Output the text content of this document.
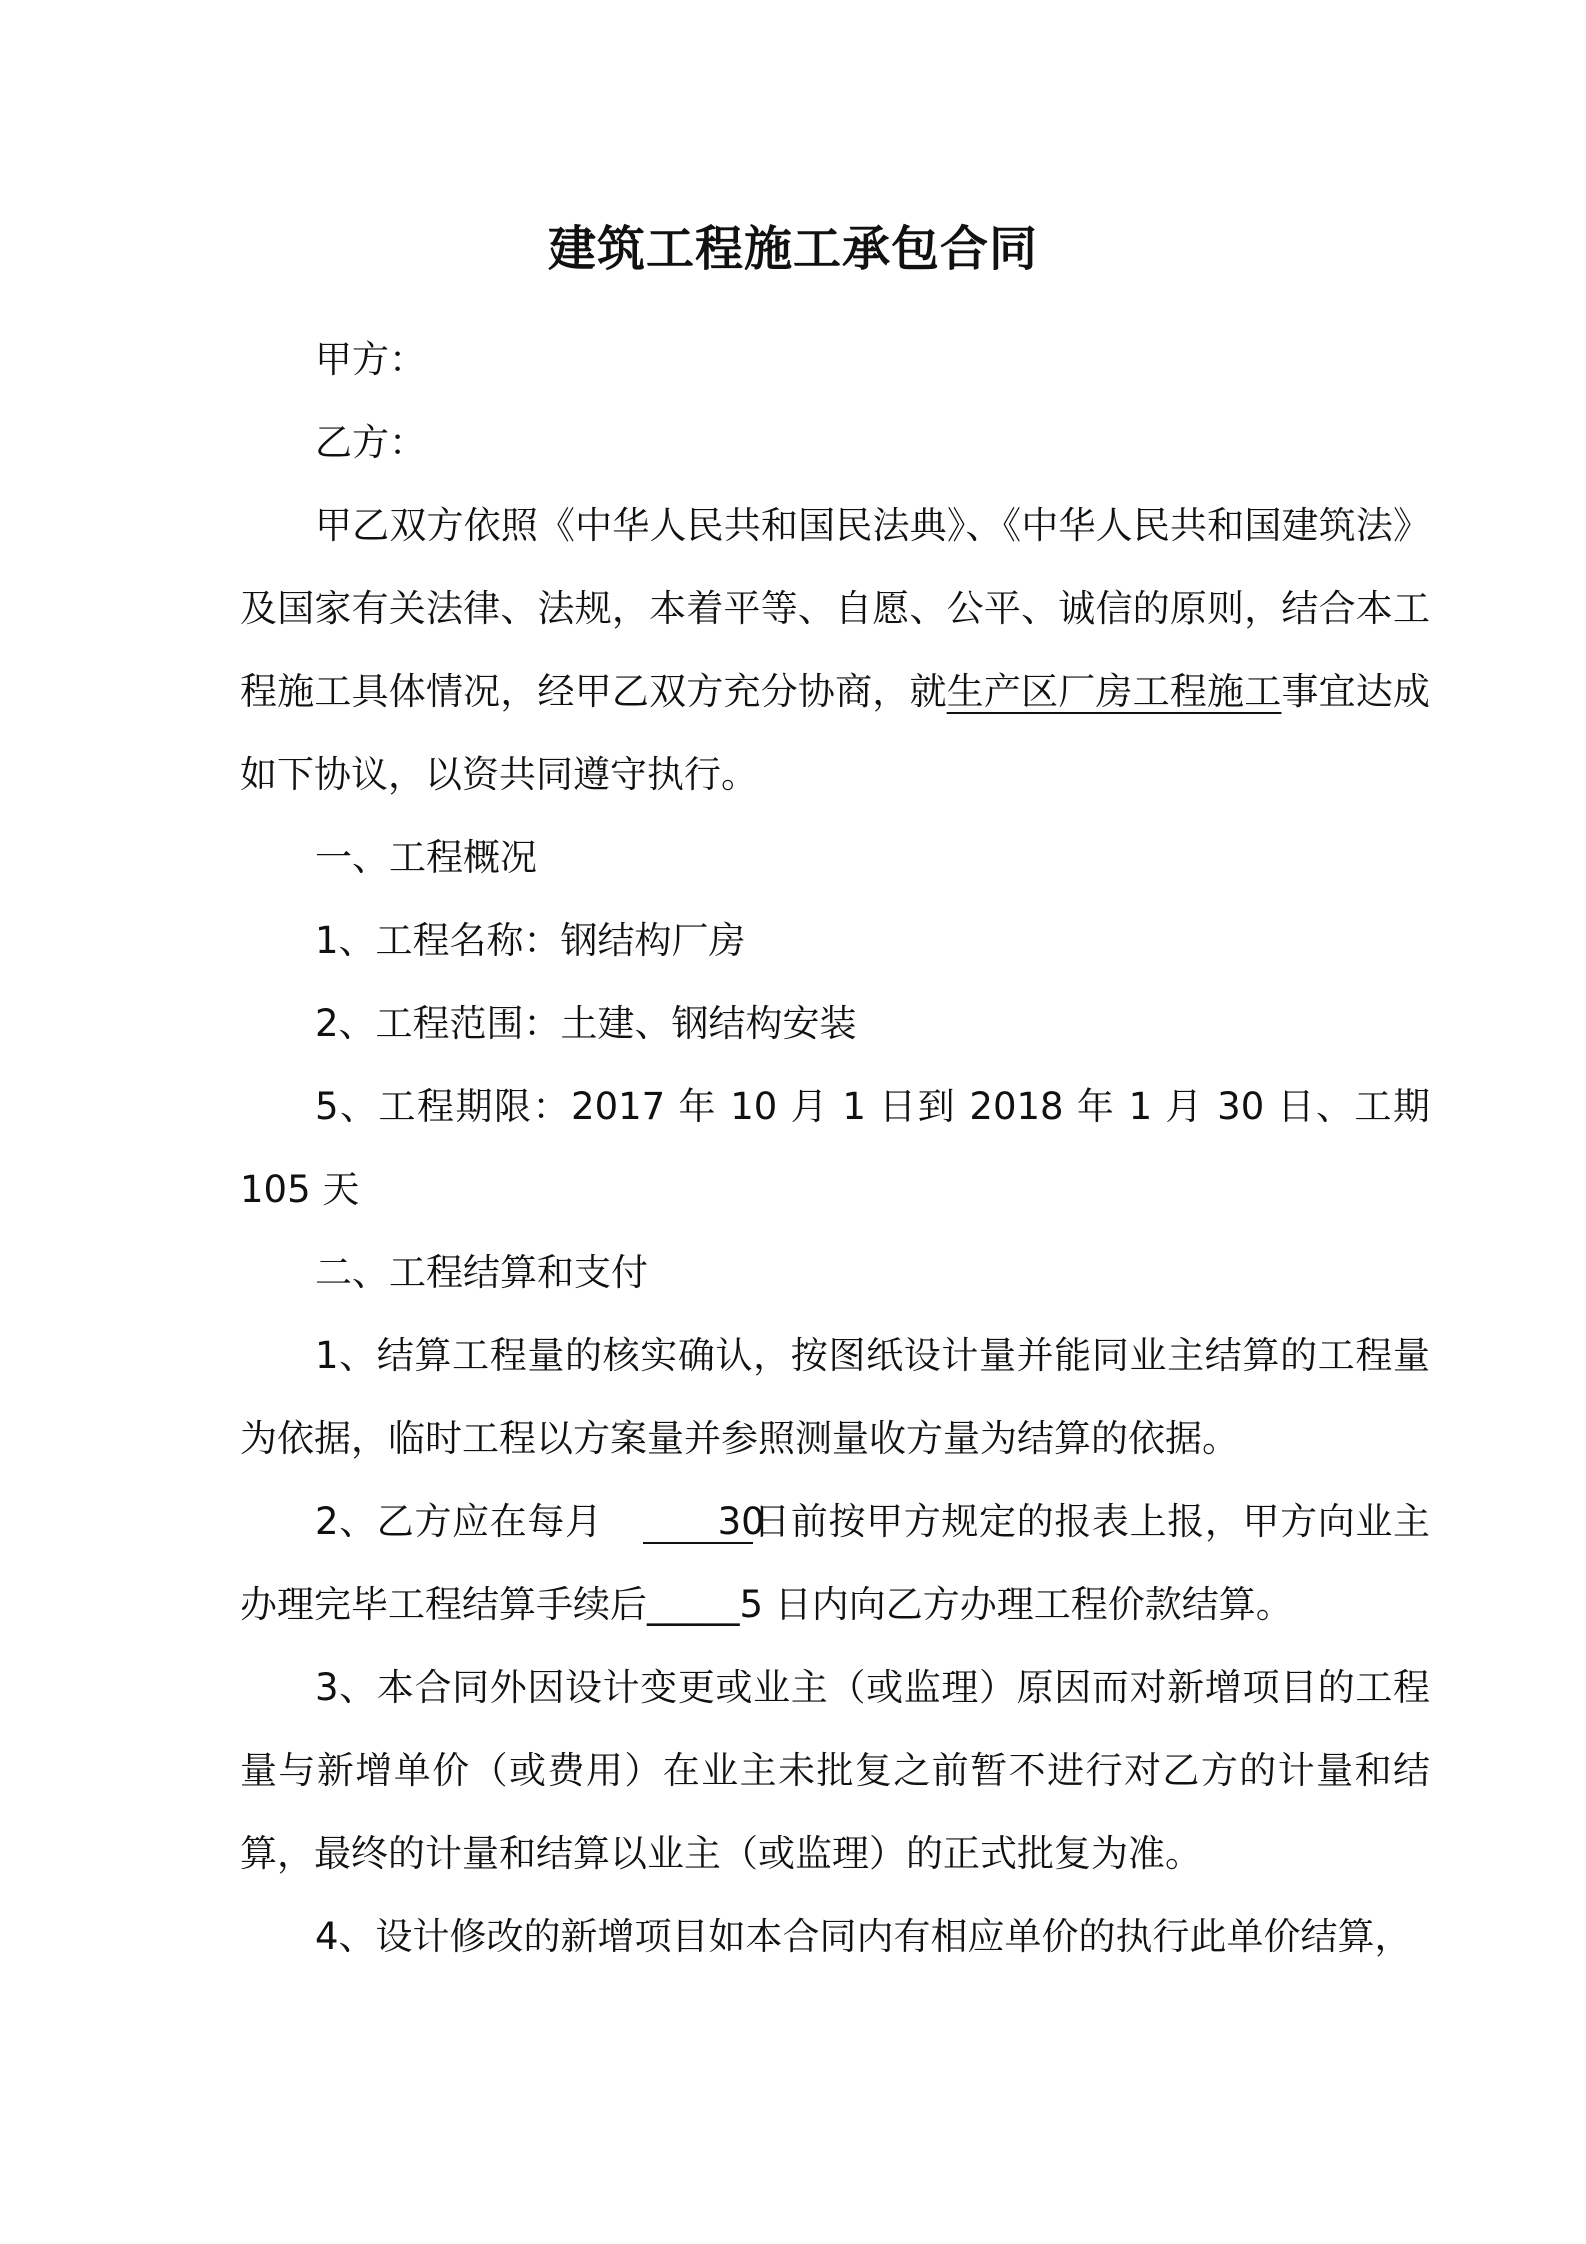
建筑工程施工承包合同

甲方：

乙方：

甲乙双方依照《中华人民共和国民法典》、《中华人民共和国建筑法》及国家有关法律、法规，本着平等、自愿、公平、诚信的原则，结合本工程施工具体情况，经甲乙双方充分协商，就生产区厂房工程施工事宜达成如下协议，以资共同遵守执行。

一、工程概况

1、工程名称：钢结构厂房

2、工程范围：土建、钢结构安装

5、工程期限：2017 年 10 月 1 日到 2018 年 1 月 30 日、工期 105 天

二、工程结算和支付

1、结算工程量的核实确认，按图纸设计量并能同业主结算的工程量为依据，临时工程以方案量并参照测量收方量为结算的依据。

2、乙方应在每月	30日前按甲方规定的报表上报，甲方向业主办理完毕工程结算手续后_____5 日内向乙方办理工程价款结算。

3、本合同外因设计变更或业主（或监理）原因而对新增项目的工程量与新增单价（或费用）在业主未批复之前暂不进行对乙方的计量和结算，最终的计量和结算以业主（或监理）的正式批复为准。

4、设计修改的新增项目如本合同内有相应单价的执行此单价结算，
